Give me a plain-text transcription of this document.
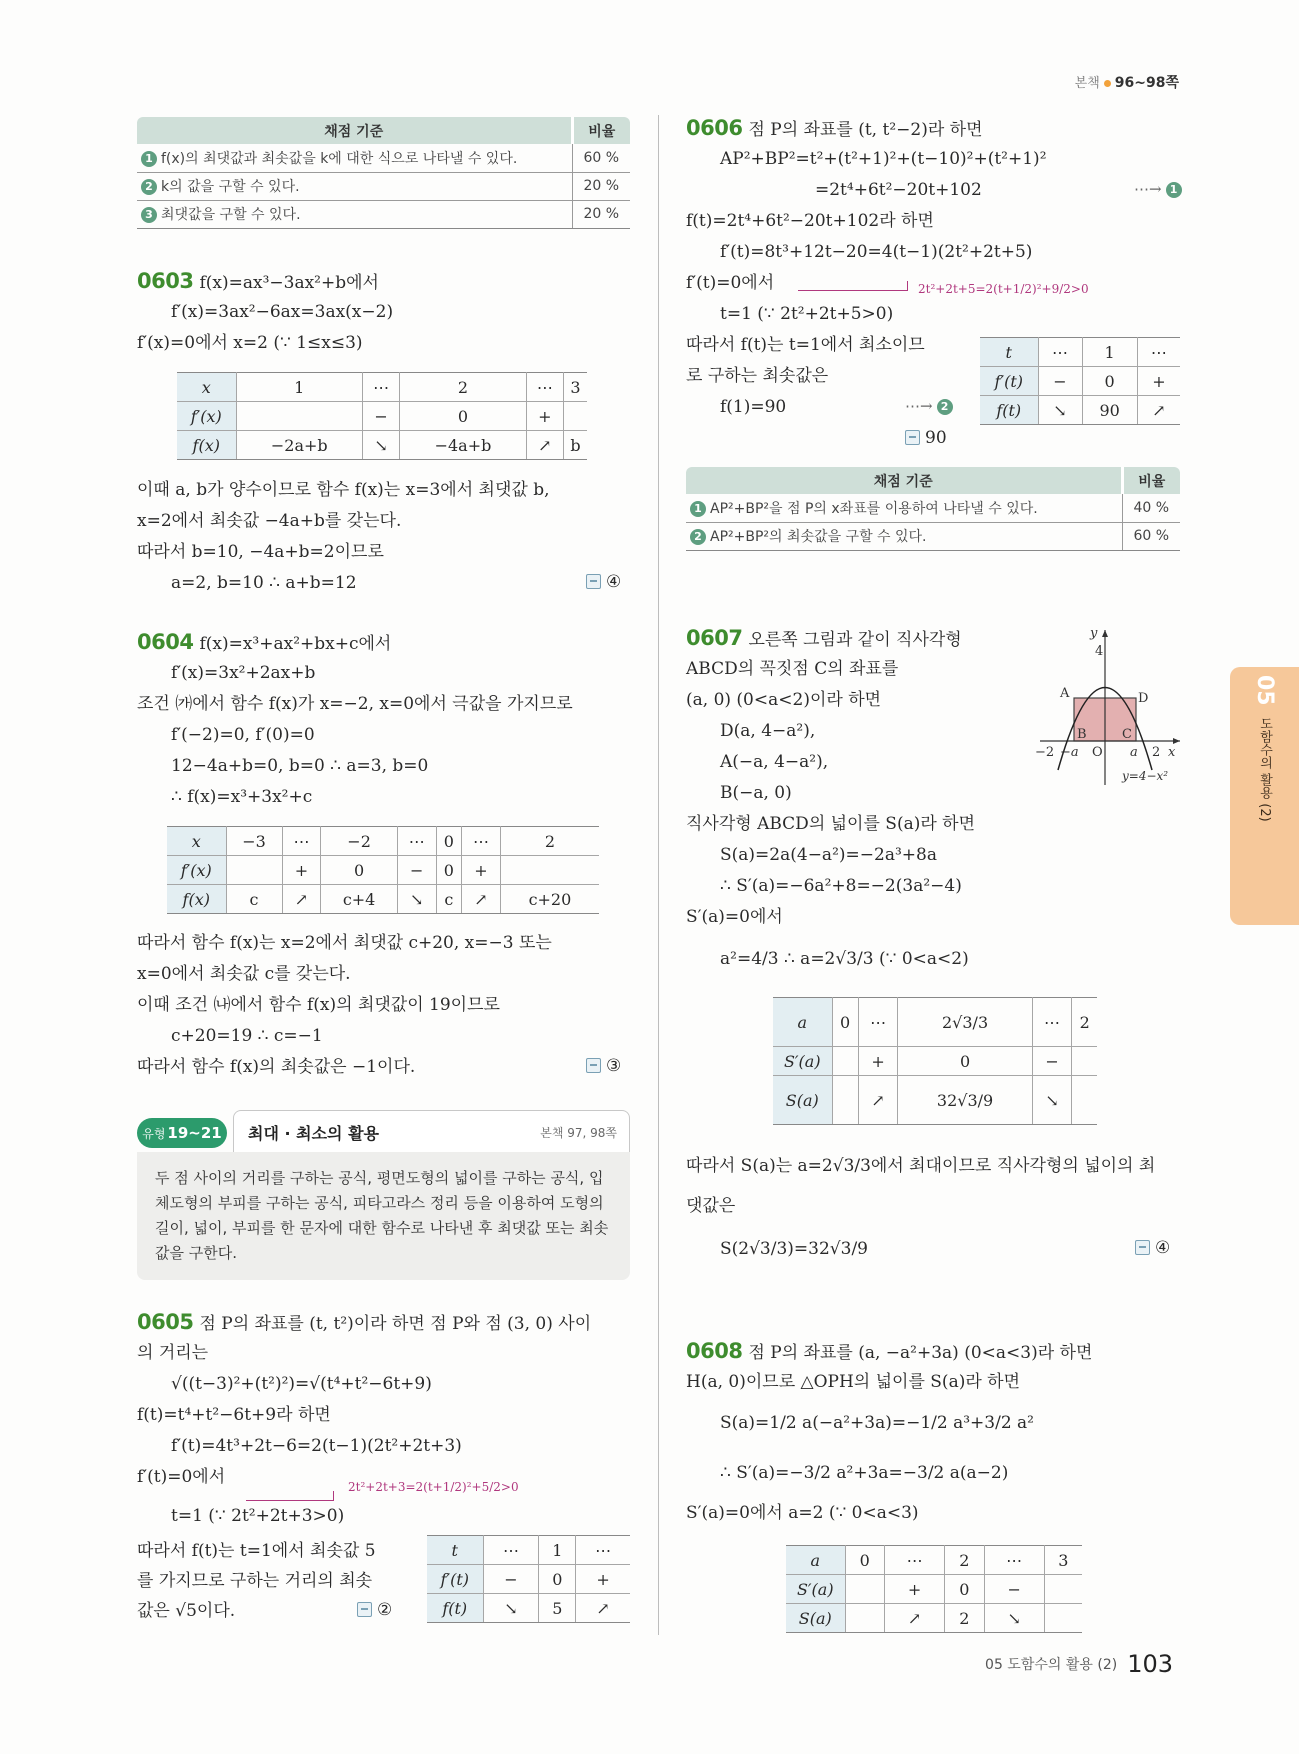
본책 96~98쪽
채점 기준	비율
1 f(x)의 최댓값과 최솟값을 k에 대한 식으로 나타낼 수 있다.	60 %
2 k의 값을 구할 수 있다.	20 %
3 최댓값을 구할 수 있다.	20 %
0603 f(x)=ax³−3ax²+b에서
f′(x)=3ax²−6ax=3ax(x−2)
f′(x)=0에서 x=2 (∵ 1≤x≤3)
x	1	⋯	2	⋯	3
f′(x)		−	0	+	
f(x)	−2a+b	↘	−4a+b	↗	b
이때 a, b가 양수이므로 함수 f(x)는 x=3에서 최댓값 b,
x=2에서 최솟값 −4a+b를 갖는다.
따라서 b=10, −4a+b=2이므로
a=2, b=10 ∴ a+b=12	④
0604 f(x)=x³+ax²+bx+c에서
f′(x)=3x²+2ax+b
조건 ㈎에서 함수 f(x)가 x=−2, x=0에서 극값을 가지므로
f′(−2)=0, f′(0)=0
12−4a+b=0, b=0 ∴ a=3, b=0
∴ f(x)=x³+3x²+c
x	−3	⋯	−2	⋯	0	⋯	2
f′(x)		+	0	−	0	+	
f(x)	c	↗	c+4	↘	c	↗	c+20
따라서 함수 f(x)는 x=2에서 최댓값 c+20, x=−3 또는
x=0에서 최솟값 c를 갖는다.
이때 조건 ㈏에서 함수 f(x)의 최댓값이 19이므로
c+20=19 ∴ c=−1
따라서 함수 f(x)의 최솟값은 −1이다.	③
유형 19~21	최대 · 최소의 활용	본책 97, 98쪽
두 점 사이의 거리를 구하는 공식, 평면도형의 넓이를 구하는 공식, 입체도형의 부피를 구하는 공식, 피타고라스 정리 등을 이용하여 도형의 길이, 넓이, 부피를 한 문자에 대한 함수로 나타낸 후 최댓값 또는 최솟값을 구한다.
0605 점 P의 좌표를 (t, t²)이라 하면 점 P와 점 (3, 0) 사이
의 거리는
√((t−3)²+(t²)²)=√(t⁴+t²−6t+9)
f(t)=t⁴+t²−6t+9라 하면
f′(t)=4t³+2t−6=2(t−1)(2t²+2t+3)
f′(t)=0에서	2t²+2t+3=2(t+1/2)²+5/2>0
t=1 (∵ 2t²+2t+3>0)
따라서 f(t)는 t=1에서 최솟값 5
를 가지므로 구하는 거리의 최솟
값은 √5이다.	②
t	⋯	1	⋯
f′(t)	−	0	+
f(t)	↘	5	↗
0606 점 P의 좌표를 (t, t²−2)라 하면
AP²+BP²=t²+(t²+1)²+(t−10)²+(t²+1)²
=2t⁴+6t²−20t+102	⋯→ 1
f(t)=2t⁴+6t²−20t+102라 하면
f′(t)=8t³+12t−20=4(t−1)(2t²+2t+5)
f′(t)=0에서	2t²+2t+5=2(t+1/2)²+9/2>0
t=1 (∵ 2t²+2t+5>0)
따라서 f(t)는 t=1에서 최소이므
로 구하는 최솟값은
f(1)=90	⋯→ 2
90
t	⋯	1	⋯
f′(t)	−	0	+
f(t)	↘	90	↗
채점 기준	비율
1 AP²+BP²을 점 P의 x좌표를 이용하여 나타낼 수 있다.	40 %
2 AP²+BP²의 최솟값을 구할 수 있다.	60 %
0607 오른쪽 그림과 같이 직사각형
ABCD의 꼭짓점 C의 좌표를
(a, 0) (0<a<2)이라 하면
D(a, 4−a²),
A(−a, 4−a²),
B(−a, 0)
y
4
A	D
B	C
−2 −a O a 2 x
y=4−x²
직사각형 ABCD의 넓이를 S(a)라 하면
S(a)=2a(4−a²)=−2a³+8a
∴ S′(a)=−6a²+8=−2(3a²−4)
S′(a)=0에서
a²=4/3 ∴ a=2√3/3 (∵ 0<a<2)
a	0	⋯	2√3/3	⋯	2
S′(a)		+	0	−	
S(a)		↗	32√3/9	↘	
따라서 S(a)는 a=2√3/3에서 최대이므로 직사각형의 넓이의 최
댓값은
S(2√3/3)=32√3/9	④
0608 점 P의 좌표를 (a, −a²+3a) (0<a<3)라 하면
H(a, 0)이므로 △OPH의 넓이를 S(a)라 하면
S(a)=1/2 a(−a²+3a)=−1/2 a³+3/2 a²
∴ S′(a)=−3/2 a²+3a=−3/2 a(a−2)
S′(a)=0에서 a=2 (∵ 0<a<3)
a	0	⋯	2	⋯	3
S′(a)		+	0	−	
S(a)		↗	2	↘	
05
도함수의 활용 (2)
05 도함수의 활용 (2) 103
